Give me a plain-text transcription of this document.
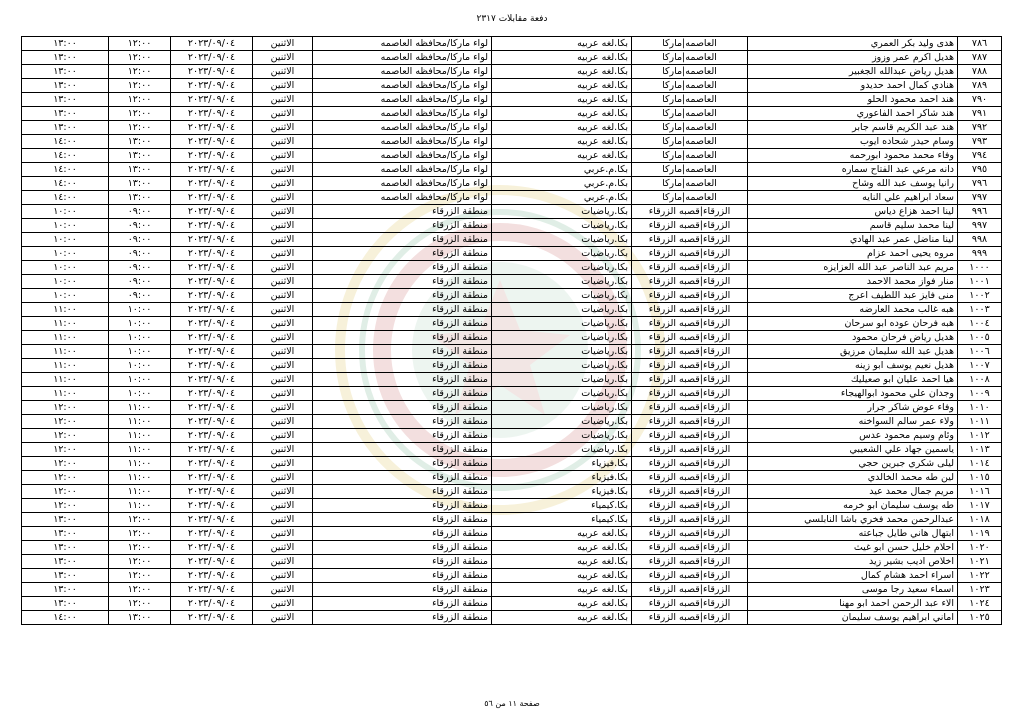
دفعة مقابلات ٢٣١٧
٧٨٦	هدى وليد بكر العمري	العاصمه|ماركا	بكا.لغه عربيه	لواء ماركا/محافظه العاصمه	الاثنين	٢٠٢٣/٠٩/٠٤	١٢:٠٠	١٣:٠٠
٧٨٧	هديل اكرم عمر وزوز	العاصمه|ماركا	بكا.لغه عربيه	لواء ماركا/محافظه العاصمه	الاثنين	٢٠٢٣/٠٩/٠٤	١٢:٠٠	١٣:٠٠
٧٨٨	هديل رياض عبدالله الجغبير	العاصمه|ماركا	بكا.لغه عربيه	لواء ماركا/محافظه العاصمه	الاثنين	٢٠٢٣/٠٩/٠٤	١٢:٠٠	١٣:٠٠
٧٨٩	هنادي كمال احمد حديدو	العاصمه|ماركا	بكا.لغه عربيه	لواء ماركا/محافظه العاصمه	الاثنين	٢٠٢٣/٠٩/٠٤	١٢:٠٠	١٣:٠٠
٧٩٠	هند احمد محمود الحلو	العاصمه|ماركا	بكا.لغه عربيه	لواء ماركا/محافظه العاصمه	الاثنين	٢٠٢٣/٠٩/٠٤	١٢:٠٠	١٣:٠٠
٧٩١	هند شاكر احمد الفاعوري	العاصمه|ماركا	بكا.لغه عربيه	لواء ماركا/محافظه العاصمه	الاثنين	٢٠٢٣/٠٩/٠٤	١٢:٠٠	١٣:٠٠
٧٩٢	هند عبد الكريم قاسم جابر	العاصمه|ماركا	بكا.لغه عربيه	لواء ماركا/محافظه العاصمه	الاثنين	٢٠٢٣/٠٩/٠٤	١٢:٠٠	١٣:٠٠
٧٩٣	وسام حيدر شحاده ايوب	العاصمه|ماركا	بكا.لغه عربيه	لواء ماركا/محافظه العاصمه	الاثنين	٢٠٢٣/٠٩/٠٤	١٣:٠٠	١٤:٠٠
٧٩٤	وفاء محمد محمود ابورحمه	العاصمه|ماركا	بكا.لغه عربيه	لواء ماركا/محافظه العاصمه	الاثنين	٢٠٢٣/٠٩/٠٤	١٣:٠٠	١٤:٠٠
٧٩٥	دانه مرعي عبد الفتاح سماره	العاصمه|ماركا	بكا.م.عربي	لواء ماركا/محافظه العاصمه	الاثنين	٢٠٢٣/٠٩/٠٤	١٣:٠٠	١٤:٠٠
٧٩٦	رانيا يوسف عبد الله وشاح	العاصمه|ماركا	بكا.م.عربي	لواء ماركا/محافظه العاصمه	الاثنين	٢٠٢٣/٠٩/٠٤	١٣:٠٠	١٤:٠٠
٧٩٧	سعاد ابراهيم علي النايه	العاصمه|ماركا	بكا.م.عربي	لواء ماركا/محافظه العاصمه	الاثنين	٢٠٢٣/٠٩/٠٤	١٣:٠٠	١٤:٠٠
٩٩٦	لينا احمد هزاع دياس	الزرقاء|قصبه الزرقاء	بكا.رياضيات	منطقة الزرقاء	الاثنين	٢٠٢٣/٠٩/٠٤	٠٩:٠٠	١٠:٠٠
٩٩٧	لينا محمد سليم قاسم	الزرقاء|قصبه الزرقاء	بكا.رياضيات	منطقة الزرقاء	الاثنين	٢٠٢٣/٠٩/٠٤	٠٩:٠٠	١٠:٠٠
٩٩٨	لينا مناضل عمر عبد الهادي	الزرقاء|قصبه الزرقاء	بكا.رياضيات	منطقة الزرقاء	الاثنين	٢٠٢٣/٠٩/٠٤	٠٩:٠٠	١٠:٠٠
٩٩٩	مروه يحيى احمد عزام	الزرقاء|قصبه الزرقاء	بكا.رياضيات	منطقة الزرقاء	الاثنين	٢٠٢٣/٠٩/٠٤	٠٩:٠٠	١٠:٠٠
١٠٠٠	مريم عبد الناصر عبد الله العزايزه	الزرقاء|قصبه الزرقاء	بكا.رياضيات	منطقة الزرقاء	الاثنين	٢٠٢٣/٠٩/٠٤	٠٩:٠٠	١٠:٠٠
١٠٠١	منار فواز محمد الاحمد	الزرقاء|قصبه الزرقاء	بكا.رياضيات	منطقة الزرقاء	الاثنين	٢٠٢٣/٠٩/٠٤	٠٩:٠٠	١٠:٠٠
١٠٠٢	منى فايز عبد اللطيف اعرج	الزرقاء|قصبه الزرقاء	بكا.رياضيات	منطقة الزرقاء	الاثنين	٢٠٢٣/٠٩/٠٤	٠٩:٠٠	١٠:٠٠
١٠٠٣	هبه غالب محمد العارضه	الزرقاء|قصبه الزرقاء	بكا.رياضيات	منطقة الزرقاء	الاثنين	٢٠٢٣/٠٩/٠٤	١٠:٠٠	١١:٠٠
١٠٠٤	هبه فرحان عوده ابو سرحان	الزرقاء|قصبه الزرقاء	بكا.رياضيات	منطقة الزرقاء	الاثنين	٢٠٢٣/٠٩/٠٤	١٠:٠٠	١١:٠٠
١٠٠٥	هديل رياض فرحان محمود	الزرقاء|قصبه الزرقاء	بكا.رياضيات	منطقة الزرقاء	الاثنين	٢٠٢٣/٠٩/٠٤	١٠:٠٠	١١:٠٠
١٠٠٦	هديل عبد الله سليمان مرزيق	الزرقاء|قصبه الزرقاء	بكا.رياضيات	منطقة الزرقاء	الاثنين	٢٠٢٣/٠٩/٠٤	١٠:٠٠	١١:٠٠
١٠٠٧	هديل نعيم يوسف ابو زينه	الزرقاء|قصبه الزرقاء	بكا.رياضيات	منطقة الزرقاء	الاثنين	٢٠٢٣/٠٩/٠٤	١٠:٠٠	١١:٠٠
١٠٠٨	هيا احمد عليان ابو صعيليك	الزرقاء|قصبه الزرقاء	بكا.رياضيات	منطقة الزرقاء	الاثنين	٢٠٢٣/٠٩/٠٤	١٠:٠٠	١١:٠٠
١٠٠٩	وجدان علي محمود ابوالهيجاء	الزرقاء|قصبه الزرقاء	بكا.رياضيات	منطقة الزرقاء	الاثنين	٢٠٢٣/٠٩/٠٤	١٠:٠٠	١١:٠٠
١٠١٠	وفاء عوض شاكر جرار	الزرقاء|قصبه الزرقاء	بكا.رياضيات	منطقة الزرقاء	الاثنين	٢٠٢٣/٠٩/٠٤	١١:٠٠	١٢:٠٠
١٠١١	ولاء عمر سالم السواخنه	الزرقاء|قصبه الزرقاء	بكا.رياضيات	منطقة الزرقاء	الاثنين	٢٠٢٣/٠٩/٠٤	١١:٠٠	١٢:٠٠
١٠١٢	وئام وسيم محمود عدس	الزرقاء|قصبه الزرقاء	بكا.رياضيات	منطقة الزرقاء	الاثنين	٢٠٢٣/٠٩/٠٤	١١:٠٠	١٢:٠٠
١٠١٣	ياسمين جهاد علي الشعيبي	الزرقاء|قصبه الزرقاء	بكا.رياضيات	منطقة الزرقاء	الاثنين	٢٠٢٣/٠٩/٠٤	١١:٠٠	١٢:٠٠
١٠١٤	ليلى شكري جبرين حجي	الزرقاء|قصبه الزرقاء	بكا.فيزياء	منطقة الزرقاء	الاثنين	٢٠٢٣/٠٩/٠٤	١١:٠٠	١٢:٠٠
١٠١٥	لين طه محمد الخالدي	الزرقاء|قصبه الزرقاء	بكا.فيزياء	منطقة الزرقاء	الاثنين	٢٠٢٣/٠٩/٠٤	١١:٠٠	١٢:٠٠
١٠١٦	مريم جمال محمد عيد	الزرقاء|قصبه الزرقاء	بكا.فيزياء	منطقة الزرقاء	الاثنين	٢٠٢٣/٠٩/٠٤	١١:٠٠	١٢:٠٠
١٠١٧	طه يوسف سليمان ابو خرمه	الزرقاء|قصبه الزرقاء	بكا.كيمياء	منطقة الزرقاء	الاثنين	٢٠٢٣/٠٩/٠٤	١١:٠٠	١٢:٠٠
١٠١٨	عبدالرحمن محمد فخري باشا النابلسي	الزرقاء|قصبه الزرقاء	بكا.كيمياء	منطقة الزرقاء	الاثنين	٢٠٢٣/٠٩/٠٤	١٢:٠٠	١٣:٠٠
١٠١٩	ابتهال هاني طايل جباعته	الزرقاء|قصبه الزرقاء	بكا.لغه عربيه	منطقة الزرقاء	الاثنين	٢٠٢٣/٠٩/٠٤	١٢:٠٠	١٣:٠٠
١٠٢٠	احلام خليل حسن ابو غيث	الزرقاء|قصبه الزرقاء	بكا.لغه عربيه	منطقة الزرقاء	الاثنين	٢٠٢٣/٠٩/٠٤	١٢:٠٠	١٣:٠٠
١٠٢١	اخلاص اديب بشير زيد	الزرقاء|قصبه الزرقاء	بكا.لغه عربيه	منطقة الزرقاء	الاثنين	٢٠٢٣/٠٩/٠٤	١٢:٠٠	١٣:٠٠
١٠٢٢	اسراء احمد هشام كمال	الزرقاء|قصبه الزرقاء	بكا.لغه عربيه	منطقة الزرقاء	الاثنين	٢٠٢٣/٠٩/٠٤	١٢:٠٠	١٣:٠٠
١٠٢٣	اسماء سعيد رجا موسى	الزرقاء|قصبه الزرقاء	بكا.لغه عربيه	منطقة الزرقاء	الاثنين	٢٠٢٣/٠٩/٠٤	١٢:٠٠	١٣:٠٠
١٠٢٤	الاء عبد الرحمن احمد ابو مهنا	الزرقاء|قصبه الزرقاء	بكا.لغه عربيه	منطقة الزرقاء	الاثنين	٢٠٢٣/٠٩/٠٤	١٢:٠٠	١٣:٠٠
١٠٢٥	اماني ابراهيم يوسف سليمان	الزرقاء|قصبه الزرقاء	بكا.لغه عربيه	منطقة الزرقاء	الاثنين	٢٠٢٣/٠٩/٠٤	١٣:٠٠	١٤:٠٠
صفحة ١١ من ٥٦
